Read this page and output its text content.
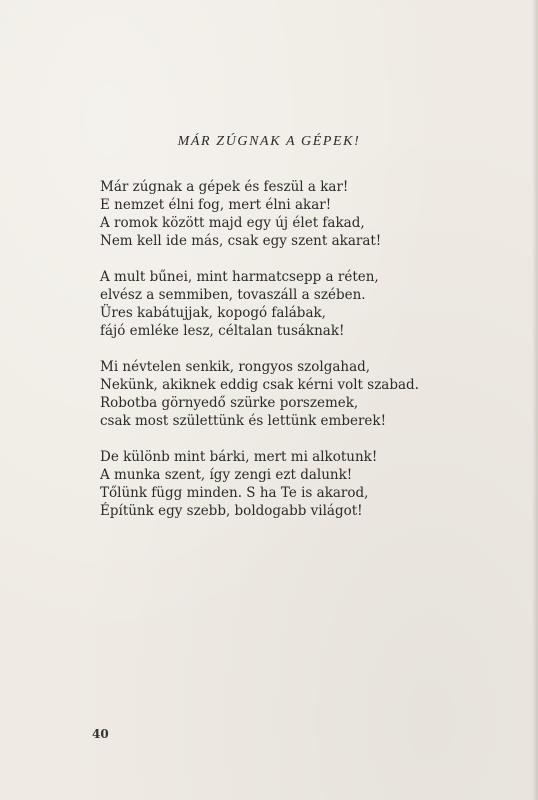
MÁR ZÚGNAK A GÉPEK!
Már zúgnak a gépek és feszül a kar!
E nemzet élni fog, mert élni akar!
A romok között majd egy új élet fakad,
Nem kell ide más, csak egy szent akarat!
A mult bűnei, mint harmatcsepp a réten,
elvész a semmiben, tovaszáll a szében.
Üres kabátujjak, kopogó falábak,
fájó emléke lesz, céltalan tusáknak!
Mi névtelen senkik, rongyos szolgahad,
Nekünk, akiknek eddig csak kérni volt szabad.
Robotba görnyedő szürke porszemek,
csak most születtünk és lettünk emberek!
De különb mint bárki, mert mi alkotunk!
A munka szent, így zengi ezt dalunk!
Tőlünk függ minden. S ha Te is akarod,
Építünk egy szebb, boldogabb világot!
40
